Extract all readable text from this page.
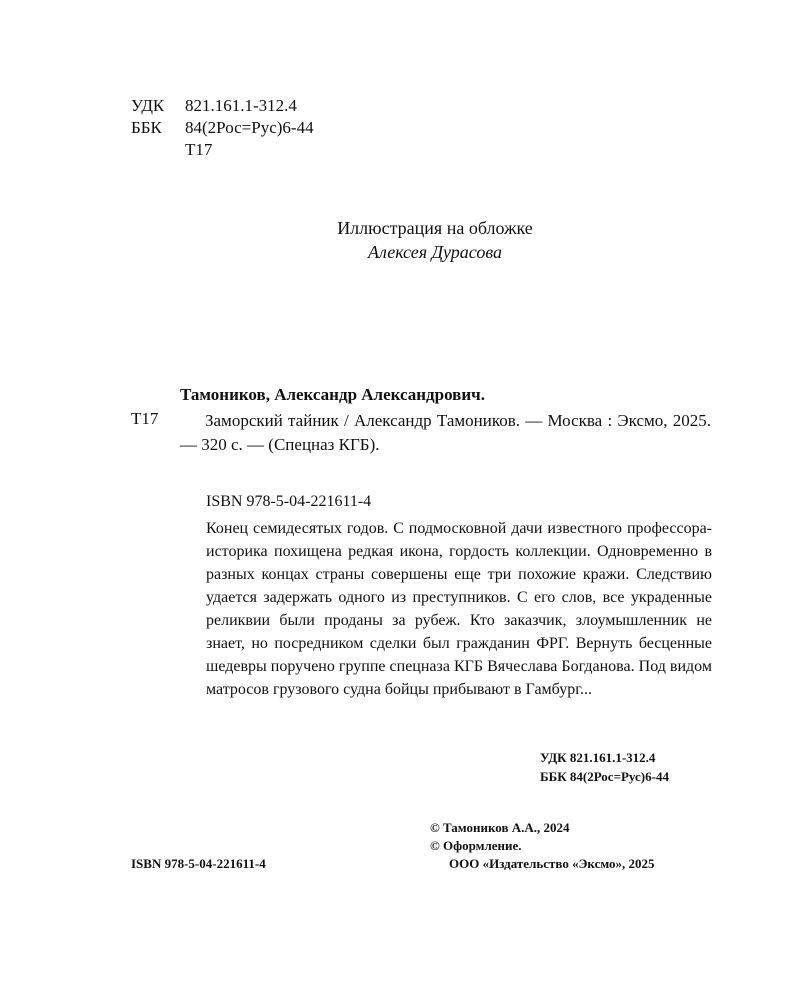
УДК 821.161.1-312.4
ББК 84(2Рос=Рус)6-44
Т17
Иллюстрация на обложке
Алексея Дурасова
Тамоников, Александр Александрович.
Т17	Заморский тайник / Александр Тамоников. — Москва : Эксмо, 2025. — 320 с. — (Спецназ КГБ).
ISBN 978-5-04-221611-4
Конец семидесятых годов. С подмосковной дачи известного профессора-историка похищена редкая икона, гордость коллекции. Одновременно в разных концах страны совершены еще три похожие кражи. Следствию удается задержать одного из преступников. С его слов, все украденные реликвии были проданы за рубеж. Кто заказчик, злоумышленник не знает, но посредником сделки был гражданин ФРГ. Вернуть бесценные шедевры поручено группе спецназа КГБ Вячеслава Богданова. Под видом матросов грузового судна бойцы прибывают в Гамбург...
УДК 821.161.1-312.4
ББК 84(2Рос=Рус)6-44
© Тамоников А.А., 2024
© Оформление.
ООО «Издательство «Эксмо», 2025
ISBN 978-5-04-221611-4
